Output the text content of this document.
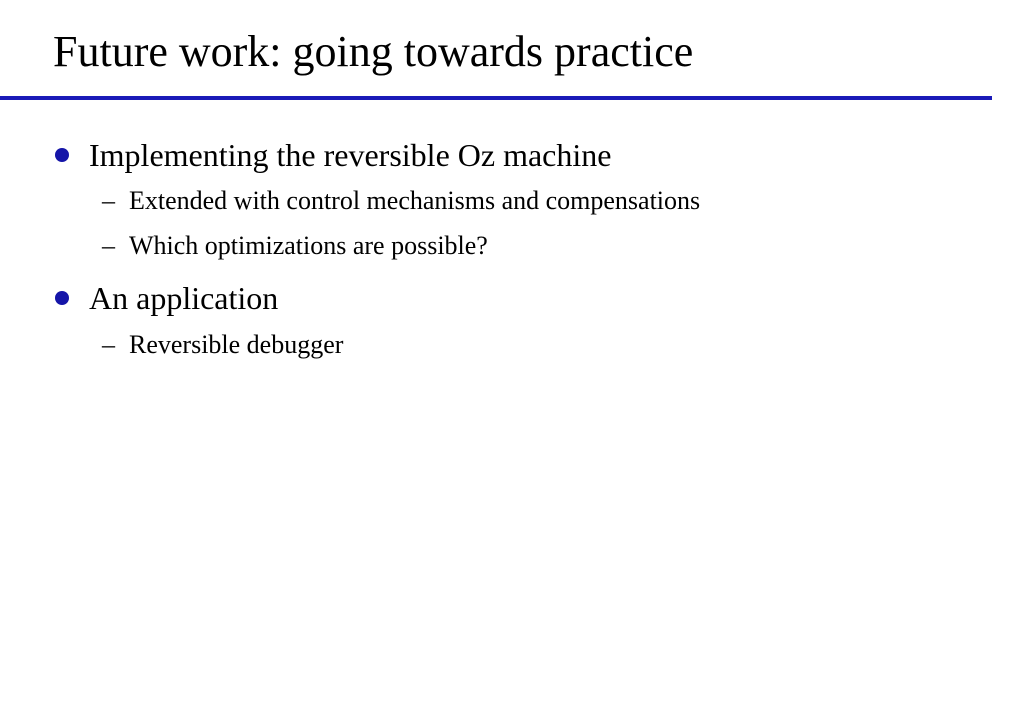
Future work: going towards practice
Implementing the reversible Oz machine
– Extended with control mechanisms and compensations
– Which optimizations are possible?
An application
– Reversible debugger
